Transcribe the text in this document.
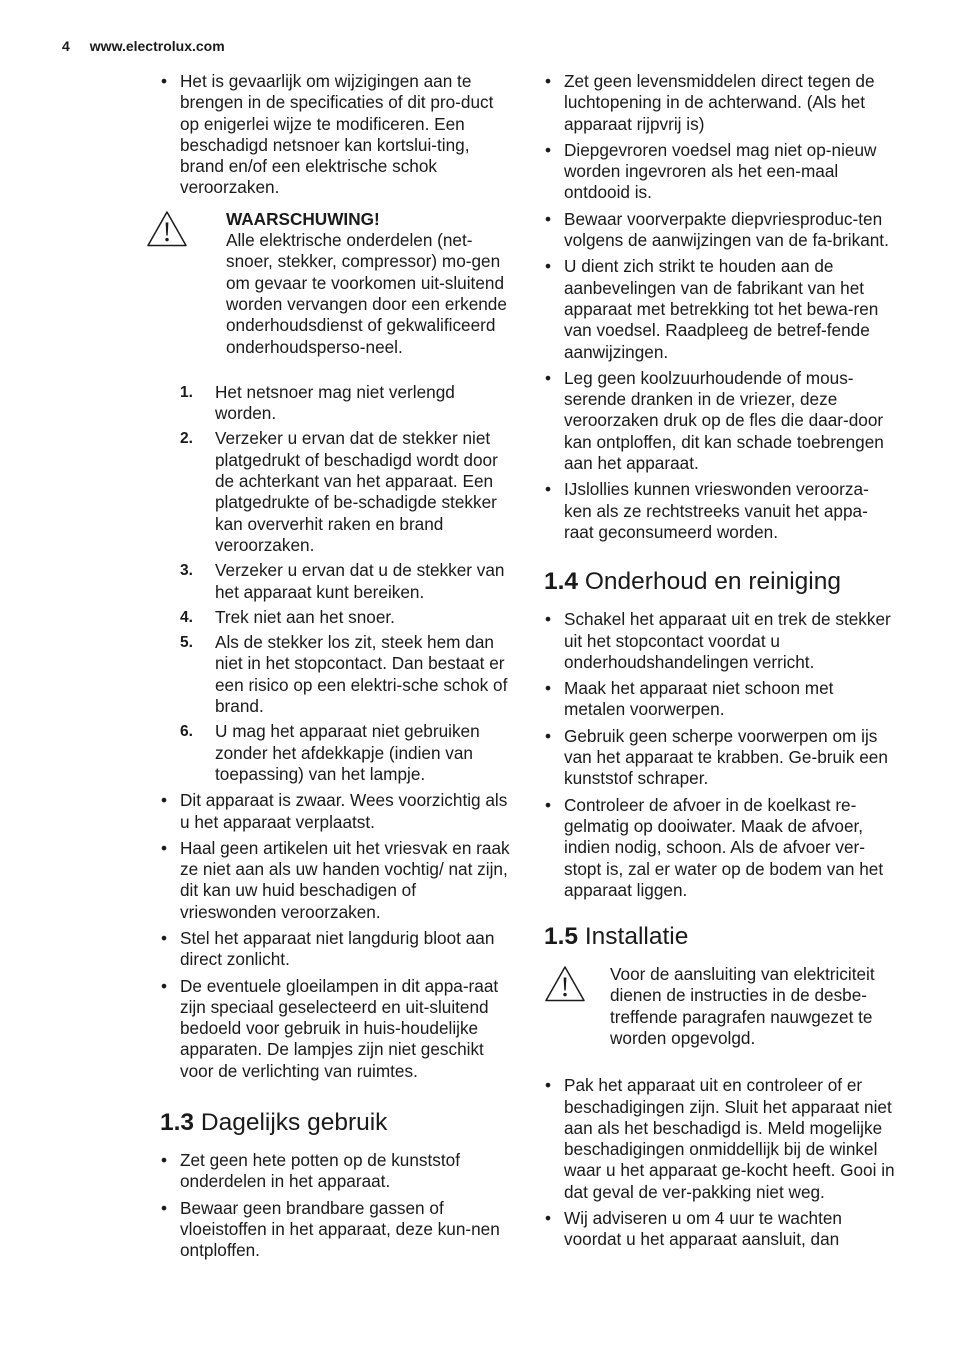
4 www.electrolux.com
• Het is gevaarlijk om wijzigingen aan te brengen in de specificaties of dit pro-duct op enigerlei wijze te modificeren. Een beschadigd netsnoer kan kortslui-ting, brand en/of een elektrische schok veroorzaken.
WAARSCHUWING!
Alle elektrische onderdelen (net-snoer, stekker, compressor) mo-gen om gevaar te voorkomen uit-sluitend worden vervangen door een erkende onderhoudsdienst of gekwalificeerd onderhoudsperso-neel.
1. Het netsnoer mag niet verlengd worden.
2. Verzeker u ervan dat de stekker niet platgedrukt of beschadigd wordt door de achterkant van het apparaat. Een platgedrukte of be-schadigde stekker kan oververhit raken en brand veroorzaken.
3. Verzeker u ervan dat u de stekker van het apparaat kunt bereiken.
4. Trek niet aan het snoer.
5. Als de stekker los zit, steek hem dan niet in het stopcontact. Dan bestaat er een risico op een elektri-sche schok of brand.
6. U mag het apparaat niet gebruiken zonder het afdekkapje (indien van toepassing) van het lampje.
• Dit apparaat is zwaar. Wees voorzichtig als u het apparaat verplaatst.
• Haal geen artikelen uit het vriesvak en raak ze niet aan als uw handen vochtig/ nat zijn, dit kan uw huid beschadigen of vrieswonden veroorzaken.
• Stel het apparaat niet langdurig bloot aan direct zonlicht.
• De eventuele gloeilampen in dit appa-raat zijn speciaal geselecteerd en uit-sluitend bedoeld voor gebruik in huis-houdelijke apparaten. De lampjes zijn niet geschikt voor de verlichting van ruimtes.
1.3 Dagelijks gebruik
• Zet geen hete potten op de kunststof onderdelen in het apparaat.
• Bewaar geen brandbare gassen of vloeistoffen in het apparaat, deze kun-nen ontploffen.
• Zet geen levensmiddelen direct tegen de luchtopening in de achterwand. (Als het apparaat rijpvrij is)
• Diepgevroren voedsel mag niet op-nieuw worden ingevroren als het een-maal ontdooid is.
• Bewaar voorverpakte diepvriesproduc-ten volgens de aanwijzingen van de fa-brikant.
• U dient zich strikt te houden aan de aanbevelingen van de fabrikant van het apparaat met betrekking tot het bewa-ren van voedsel. Raadpleeg de betref-fende aanwijzingen.
• Leg geen koolzuurhoudende of mous-serende dranken in de vriezer, deze veroorzaken druk op de fles die daar-door kan ontploffen, dit kan schade toebrengen aan het apparaat.
• IJslollies kunnen vrieswonden veroorza-ken als ze rechtstreeks vanuit het appa-raat geconsumeerd worden.
1.4 Onderhoud en reiniging
• Schakel het apparaat uit en trek de stekker uit het stopcontact voordat u onderhoudshandelingen verricht.
• Maak het apparaat niet schoon met metalen voorwerpen.
• Gebruik geen scherpe voorwerpen om ijs van het apparaat te krabben. Ge-bruik een kunststof schraper.
• Controleer de afvoer in de koelkast re-gelmatig op dooiwater. Maak de afvoer, indien nodig, schoon. Als de afvoer ver-stopt is, zal er water op de bodem van het apparaat liggen.
1.5 Installatie
Voor de aansluiting van elektriciteit dienen de instructies in de desbe-treffende paragrafen nauwgezet te worden opgevolgd.
• Pak het apparaat uit en controleer of er beschadigingen zijn. Sluit het apparaat niet aan als het beschadigd is. Meld mogelijke beschadigingen onmiddellijk bij de winkel waar u het apparaat ge-kocht heeft. Gooi in dat geval de ver-pakking niet weg.
• Wij adviseren u om 4 uur te wachten voordat u het apparaat aansluit, dan
